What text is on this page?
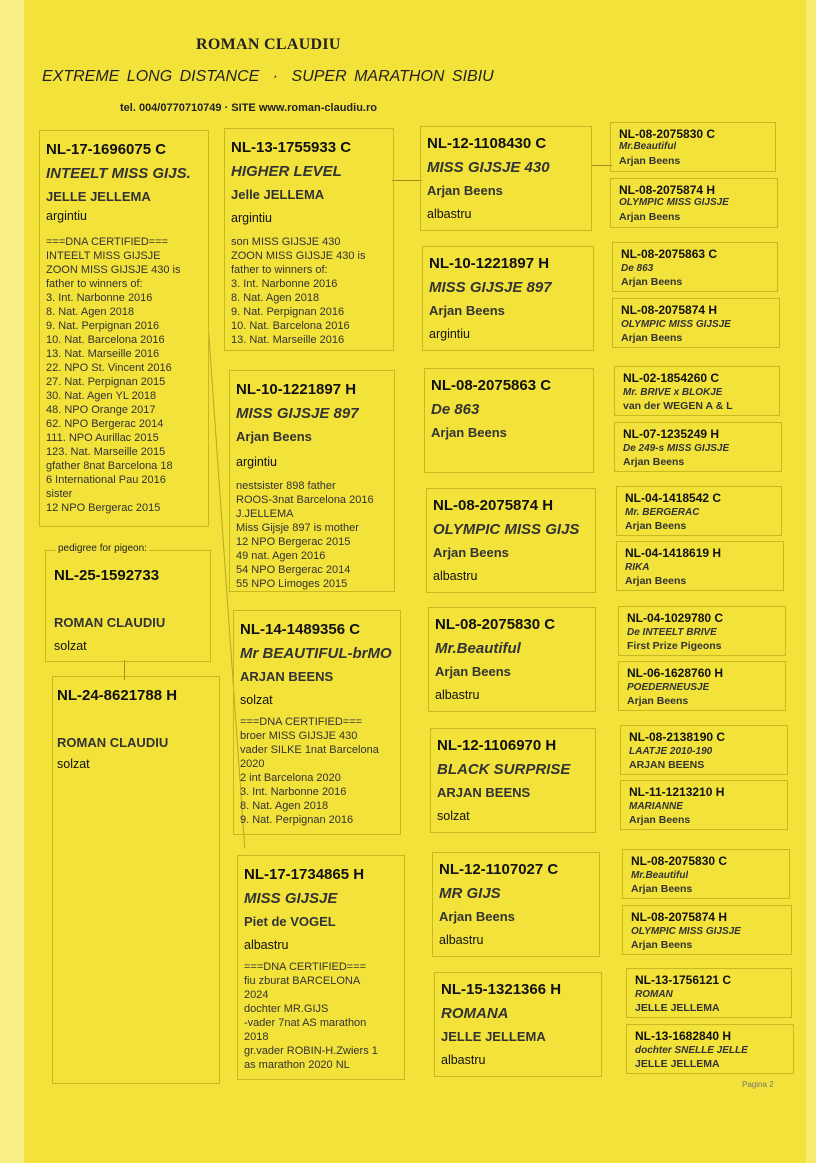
ROMAN CLAUDIU
EXTREME LONG DISTANCE · SUPER MARATHON SIBIU
tel. 004/0770710749 · SITE www.roman-claudiu.ro
NL-17-1696075 C
INTEELT MISS GIJS.
JELLE JELLEMA
argintiu
===DNA CERTIFIED===
INTEELT MISS GIJSJE
ZOON MISS GIJSJE 430 is
father to winners of:
3. Int. Narbonne 2016
8. Nat. Agen 2018
9. Nat. Perpignan 2016
10. Nat. Barcelona 2016
13. Nat. Marseille 2016
22. NPO St. Vincent 2016
27. Nat. Perpignan 2015
30. Nat. Agen YL 2018
48. NPO Orange 2017
62. NPO Bergerac 2014
111. NPO Aurillac 2015
123. Nat. Marseille 2015
gfather 8nat Barcelona 18
6 International Pau 2016
sister
12 NPO Bergerac 2015
NL-25-1592733
ROMAN CLAUDIU
solzat
pedigree for pigeon:
NL-24-8621788 H
ROMAN CLAUDIU
solzat
NL-13-1755933 C
HIGHER LEVEL
Jelle JELLEMA
argintiu
son MISS GIJSJE 430
ZOON MISS GIJSJE 430 is
father to winners of:
3. Int. Narbonne 2016
8. Nat. Agen 2018
9. Nat. Perpignan 2016
10. Nat. Barcelona 2016
13. Nat. Marseille 2016
NL-10-1221897 H
MISS GIJSJE 897
Arjan Beens
argintiu
nestsister 898 father
ROOS-3nat Barcelona 2016
J.JELLEMA
Miss Gijsje 897 is mother
12 NPO Bergerac 2015
49 nat. Agen 2016
54 NPO Bergerac 2014
55 NPO Limoges 2015
NL-14-1489356 C
Mr BEAUTIFUL-brMO
ARJAN BEENS
solzat
===DNA CERTIFIED===
broer MISS GIJSJE 430
vader SILKE 1nat Barcelona
2020
2 int Barcelona 2020
3. Int. Narbonne 2016
8. Nat. Agen 2018
9. Nat. Perpignan 2016
NL-17-1734865 H
MISS GIJSJE
Piet de VOGEL
albastru
===DNA CERTIFIED===
fiu zburat BARCELONA
2024
dochter MR.GIJS
-vader 7nat AS marathon
2018
gr.vader ROBIN-H.Zwiers 1
as marathon 2020 NL
NL-12-1108430 C
MISS GIJSJE 430
Arjan Beens
albastru
NL-10-1221897 H
MISS GIJSJE 897
Arjan Beens
argintiu
NL-08-2075863 C
De 863
Arjan Beens
NL-08-2075874 H
OLYMPIC MISS GIJS
Arjan Beens
albastru
NL-08-2075830 C
Mr.Beautiful
Arjan Beens
albastru
NL-12-1106970 H
BLACK SURPRISE
ARJAN BEENS
solzat
NL-12-1107027 C
MR GIJS
Arjan Beens
albastru
NL-15-1321366 H
ROMANA
JELLE JELLEMA
albastru
NL-08-2075830 C
Mr.Beautiful
Arjan Beens
NL-08-2075874 H
OLYMPIC MISS GIJSJE
Arjan Beens
NL-08-2075863 C
De 863
Arjan Beens
NL-08-2075874 H
OLYMPIC MISS GIJSJE
Arjan Beens
NL-02-1854260 C
Mr. BRIVE x BLOKJE
van der WEGEN A & L
NL-07-1235249 H
De 249-s MISS GIJSJE
Arjan Beens
NL-04-1418542 C
Mr. BERGERAC
Arjan Beens
NL-04-1418619 H
RIKA
Arjan Beens
NL-04-1029780 C
De INTEELT BRIVE
First Prize Pigeons
NL-06-1628760 H
POEDERNEUSJE
Arjan Beens
NL-08-2138190 C
LAATJE 2010-190
ARJAN BEENS
NL-11-1213210 H
MARIANNE
Arjan Beens
NL-08-2075830 C
Mr.Beautiful
Arjan Beens
NL-08-2075874 H
OLYMPIC MISS GIJSJE
Arjan Beens
NL-13-1756121 C
ROMAN
JELLE JELLEMA
NL-13-1682840 H
dochter SNELLE JELLE
JELLE JELLEMA
Pagina 2
